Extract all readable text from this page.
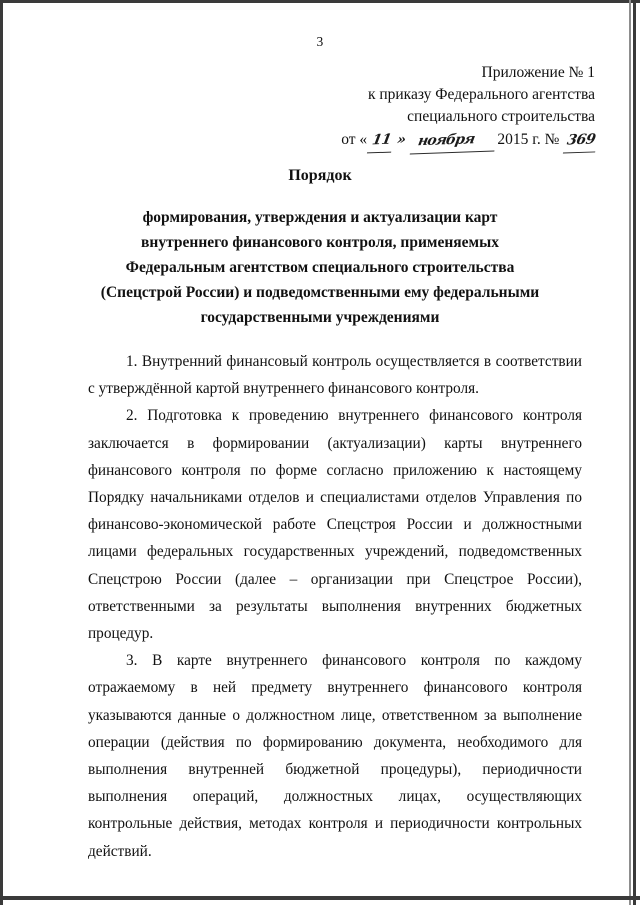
3
Приложение № 1
к приказу Федерального агентства
специального строительства
от « 11 » ноября 2015 г. № 369
Порядок
формирования, утверждения и актуализации карт
внутреннего финансового контроля, применяемых
Федеральным агентством специального строительства
(Спецстрой России) и подведомственными ему федеральными
государственными учреждениями

1. Внутренний финансовый контроль осуществляется в соответствии с утверждённой картой внутреннего финансового контроля.

2. Подготовка к проведению внутреннего финансового контроля заключается в формировании (актуализации) карты внутреннего финансового контроля по форме согласно приложению к настоящему Порядку начальниками отделов и специалистами отделов Управления по финансово-экономической работе Спецстроя России и должностными лицами федеральных государственных учреждений, подведомственных Спецстрою России (далее – организации при Спецстрое России), ответственными за результаты выполнения внутренних бюджетных процедур.

3. В карте внутреннего финансового контроля по каждому отражаемому в ней предмету внутреннего финансового контроля указываются данные о должностном лице, ответственном за выполнение операции (действия по формированию документа, необходимого для выполнения внутренней бюджетной процедуры), периодичности выполнения операций, должностных лицах, осуществляющих контрольные действия, методах контроля и периодичности контрольных действий.
